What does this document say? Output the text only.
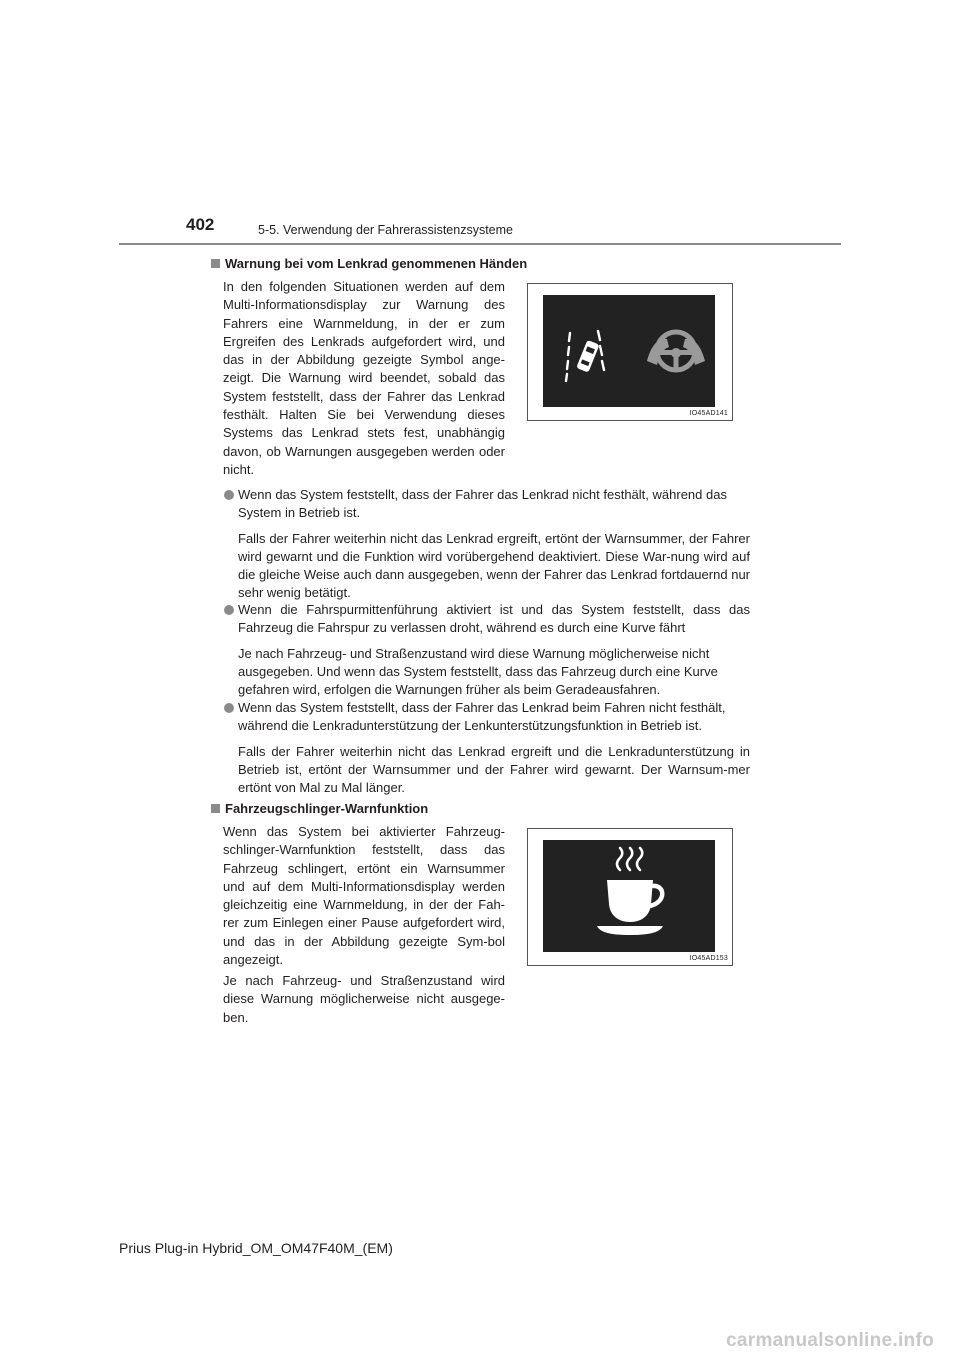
402	5-5. Verwendung der Fahrerassistenzsysteme
Warnung bei vom Lenkrad genommenen Händen
In den folgenden Situationen werden auf dem Multi-Informationsdisplay zur Warnung des Fahrers eine Warnmeldung, in der er zum Ergreifen des Lenkrads aufgefordert wird, und das in der Abbildung gezeigte Symbol ange-zeigt. Die Warnung wird beendet, sobald das System feststellt, dass der Fahrer das Lenkrad festhält. Halten Sie bei Verwendung dieses Systems das Lenkrad stets fest, unabhängig davon, ob Warnungen ausgegeben werden oder nicht.
IO45AD141
Wenn das System feststellt, dass der Fahrer das Lenkrad nicht festhält, während das System in Betrieb ist.
Falls der Fahrer weiterhin nicht das Lenkrad ergreift, ertönt der Warnsummer, der Fahrer wird gewarnt und die Funktion wird vorübergehend deaktiviert. Diese War-nung wird auf die gleiche Weise auch dann ausgegeben, wenn der Fahrer das Lenkrad fortdauernd nur sehr wenig betätigt.
Wenn die Fahrspurmittenführung aktiviert ist und das System feststellt, dass das Fahrzeug die Fahrspur zu verlassen droht, während es durch eine Kurve fährt
Je nach Fahrzeug- und Straßenzustand wird diese Warnung möglicherweise nicht ausgegeben. Und wenn das System feststellt, dass das Fahrzeug durch eine Kurve gefahren wird, erfolgen die Warnungen früher als beim Geradeausfahren.
Wenn das System feststellt, dass der Fahrer das Lenkrad beim Fahren nicht festhält, während die Lenkradunterstützung der Lenkunterstützungsfunktion in Betrieb ist.
Falls der Fahrer weiterhin nicht das Lenkrad ergreift und die Lenkradunterstützung in Betrieb ist, ertönt der Warnsummer und der Fahrer wird gewarnt. Der Warnsum-mer ertönt von Mal zu Mal länger.
Fahrzeugschlinger-Warnfunktion
Wenn das System bei aktivierter Fahrzeug-schlinger-Warnfunktion feststellt, dass das Fahrzeug schlingert, ertönt ein Warnsummer und auf dem Multi-Informationsdisplay werden gleichzeitig eine Warnmeldung, in der der Fah-rer zum Einlegen einer Pause aufgefordert wird, und das in der Abbildung gezeigte Sym-bol angezeigt.
Je nach Fahrzeug- und Straßenzustand wird diese Warnung möglicherweise nicht ausgege-ben.
IO45AD153
Prius Plug-in Hybrid_OM_OM47F40M_(EM)
carmanualsonline.info
